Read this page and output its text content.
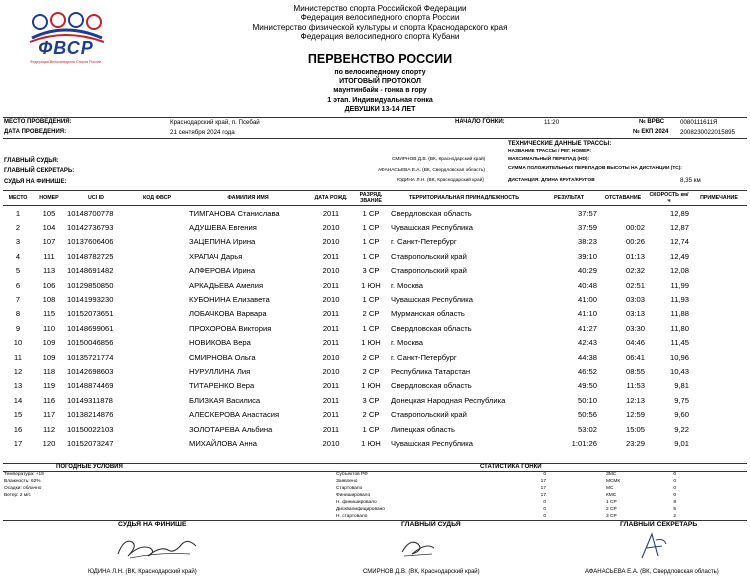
ФВСР
Федерация Велосипедного Спорта России
Министерство спорта Российской Федерации
Федерация велосипедного спорта России
Министерство физической культуры и спорта Краснодарского края
Федерация велосипедного спорта Кубани
ПЕРВЕНСТВО РОССИИ
по велосипедному спорту
ИТОГОВЫЙ ПРОТОКОЛ
маунтинбайк - гонка в гору
1 этап. Индивидуальная гонка
ДЕВУШКИ 13-14 ЛЕТ
МЕСТО ПРОВЕДЕНИЯ:	Краснодарский край, п. Псебай	НАЧАЛО ГОНКИ:	11:20	№ ВРВС	0080111611Я
ДАТА ПРОВЕДЕНИЯ:	21 сентября 2024 года	№ ЕКП 2024 2008230022015895
ТЕХНИЧЕСКИЕ ДАННЫЕ ТРАССЫ:
НАЗВАНИЕ ТРАССЫ / РЕГ. НОМЕР:
МАКСИМАЛЬНЫЙ ПЕРЕПАД (HD):
СУММА ПОЛОЖИТЕЛЬНЫХ ПЕРЕПАДОВ ВЫСОТЫ НА ДИСТАНЦИИ (ТС):
ДИСТАНЦИЯ: ДЛИНА КРУГА/КРУГОВ	8,35 км
ГЛАВНЫЙ СУДЬЯ:	СМИРНОВ Д.В. (ВК, Краснодарский край)
ГЛАВНЫЙ СЕКРЕТАРЬ:	АФАНАСЬЕВА Е.А. (ВК, Свердловская область)
СУДЬЯ НА ФИНИШЕ:	ЮДИНА Л.Н. (ВК, Краснодарский край)
МЕСТО	НОМЕР	UCI ID	КОД ФВСР	ФАМИЛИЯ ИМЯ	ДАТА РОЖД.	РАЗРЯД, ЗВАНИЕ	ТЕРРИТОРИАЛЬНАЯ ПРИНАДЛЕЖНОСТЬ	РЕЗУЛЬТАТ	ОТСТАВАНИЕ	СКОРОСТЬ км/ч	ПРИМЕЧАНИЕ
1	105	10148700778		ТИМГАНОВА Станислава	2011	1 СР	Свердловская область	37:57		12,89	
2	104	10142736793		АДУШЕВА Евгения	2010	1 СР	Чувашская Республика	37:59	00:02	12,87	
3	107	10137606406		ЗАЦЕПИНА Ирина	2010	1 СР	г. Санкт-Петербург	38:23	00:26	12,74	
4	111	10148782725		ХРАПАЧ Дарья	2011	1 СР	Ставропольский край	39:10	01:13	12,49	
5	113	10148691482		АЛФЕРОВА Ирина	2010	3 СР	Ставропольский край	40:29	02:32	12,08	
6	106	10129850850		АРКАДЬЕВА Амелия	2011	1 ЮН	г. Москва	40:48	02:51	11,99	
7	108	10141993230		КУБОНИНА Елизавета	2010	1 СР	Чувашская Республика	41:00	03:03	11,93	
8	115	10152073651		ЛОБАЧКОВА Варвара	2011	2 СР	Мурманская область	41:10	03:13	11,88	
9	110	10148699061		ПРОХОРОВА Виктория	2011	1 СР	Свердловская область	41:27	03:30	11,80	
10	109	10150046856		НОВИКОВА Вера	2011	1 ЮН	г. Москва	42:43	04:46	11,45	
11	109	10135721774		СМИРНОВА Ольга	2010	2 СР	г. Санкт-Петербург	44:38	06:41	10,96	
12	118	10142698603		НУРУЛЛИНА Лия	2010	2 СР	Республика Татарстан	46:52	08:55	10,43	
13	119	10148874469		ТИТАРЕНКО Вера	2011	1 ЮН	Свердловская область	49:50	11:53	9,81	
14	116	10149311878		БЛИЗКАЯ Василиса	2011	3 СР	Донецкая Народная Республика	50:10	12:13	9,75	
15	117	10138214876		АЛЕСКЕРОВА Анастасия	2011	2 СР	Ставропольский край	50:56	12:59	9,60	
16	112	10150022103		ЗОЛОТАРЕВА Альбина	2011	1 СР	Липецкая область	53:02	15:05	9,22	
17	120	10152073247		МИХАЙЛОВА Анна	2010	1 ЮН	Чувашская Республика	1:01:26	23:29	9,01	
ПОГОДНЫЕ УСЛОВИЯ	СТАТИСТИКА ГОНКИ
Температура: +19
Влажность: 62%
Осадки: облачно
Ветер: 2 м/с
Субъектов РФ	0
Заявлено	17
Стартовало	17
Финишировало	17
Н. финишировало	0
Дисквалифицировано	0
Н. стартовало	0
ЗМС	0
МСМК	0
МС	0
КМС	0
1 СР	8
2 СР	5
3 СР	2
СУДЬЯ НА ФИНИШЕ	ГЛАВНЫЙ СУДЬЯ	ГЛАВНЫЙ СЕКРЕТАРЬ
ЮДИНА Л.Н. (ВК, Краснодарский край)	СМИРНОВ Д.В. (ВК, Краснодарский край)	АФАНАСЬЕВА Е.А. (ВК, Свердловская область)
